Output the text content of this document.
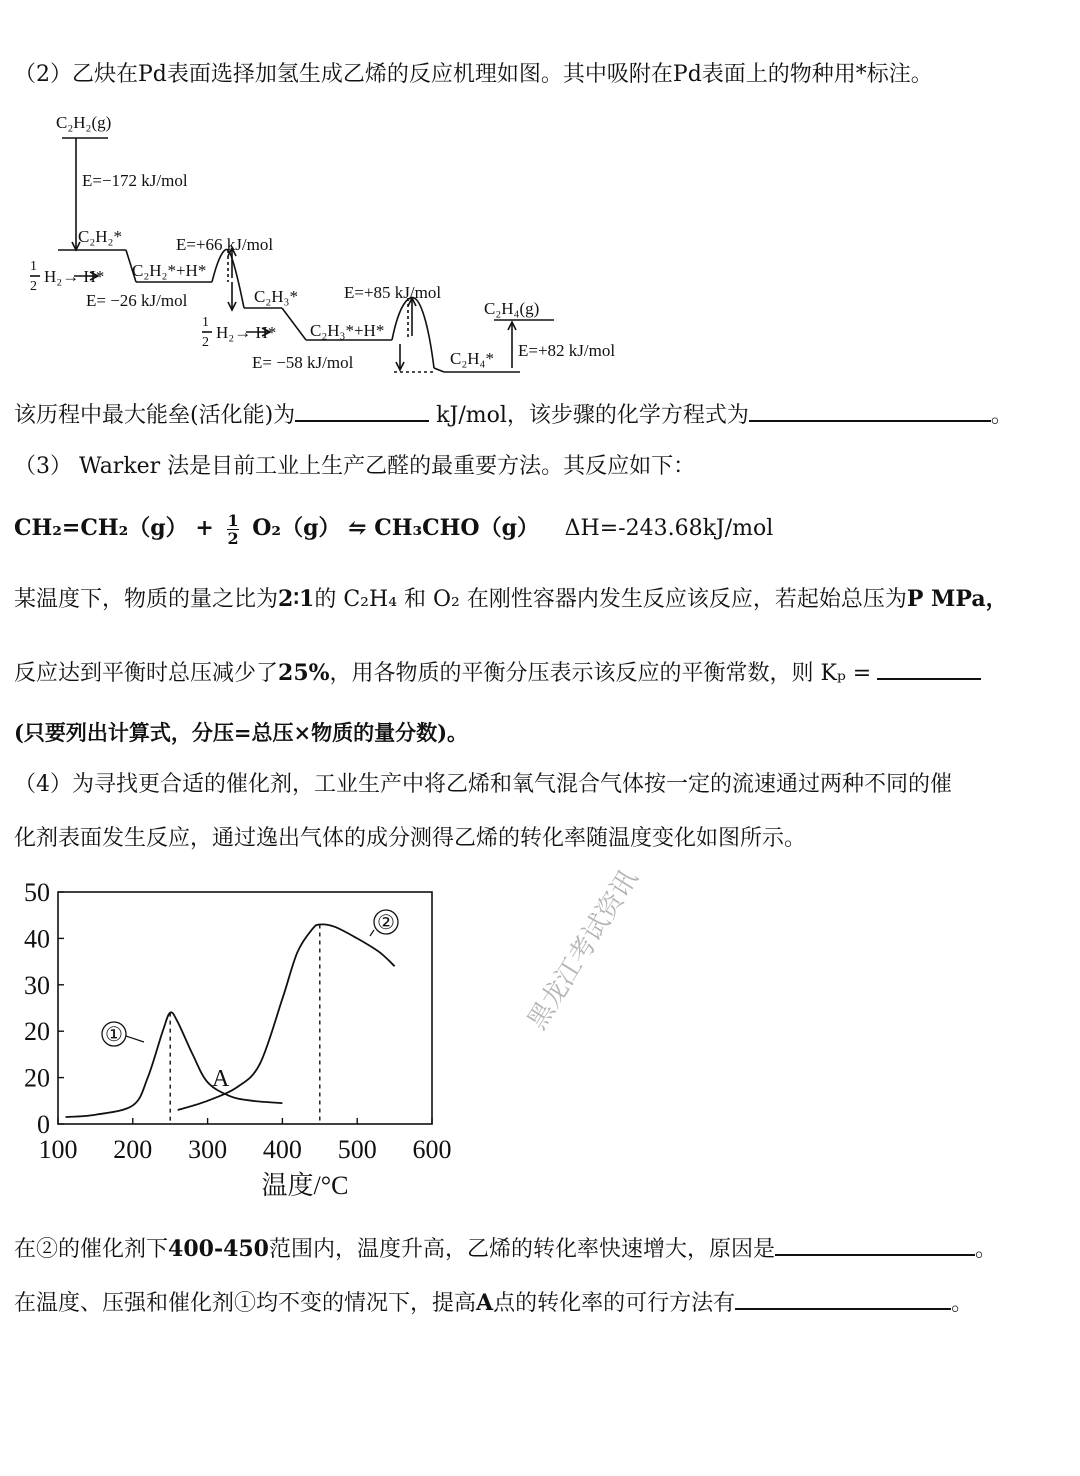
（2）乙炔在Pd表面选择加氢生成乙烯的反应机理如图。其中吸附在Pd表面上的物种用*标注。
C₂H₂(g)
E=−172 kJ/mol
C₂H₂*	E=+66 kJ/mol
1
2
H₂→ H* C₂H₂*+H*
E= −26 kJ/mol	C₂H₃*	E=+85 kJ/mol
C₂H₄(g)
1
2
H₂→ H* C₂H₃*+H*
E= −58 kJ/mol	C₂H₄* E=+82 kJ/mol
该历程中最大能垒(活化能)为	kJ/mol，该步骤的化学方程式为	。
（3） Warker 法是目前工业上生产乙醛的最重要方法。其反应如下：
$CH_2=CH_2(g) + \frac{1}{2} O_2(g)$ ⇋ CH₃CHO（g） ΔH=-243.68kJ/mol
某温度下，物质的量之比为2∶1的 C₂H₄ 和 O₂ 在刚性容器内发生反应该反应，若起始总压为P MPa，
反应达到平衡时总压减少了25%，用各物质的平衡分压表示该反应的平衡常数，则 Kₚ =
(只要列出计算式，分压=总压×物质的量分数)。
（4）为寻找更合适的催化剂，工业生产中将乙烯和氧气混合气体按一定的流速通过两种不同的催
化剂表面发生反应，通过逸出气体的成分测得乙烯的转化率随温度变化如图所示。
100 200 300 400 500 600
0
20
20
30
40
50
温度/°C
①
②
A
黑龙江考试资讯
在②的催化剂下400-450范围内，温度升高，乙烯的转化率快速增大，原因是	。
在温度、压强和催化剂①均不变的情况下，提高A点的转化率的可行方法有	。
